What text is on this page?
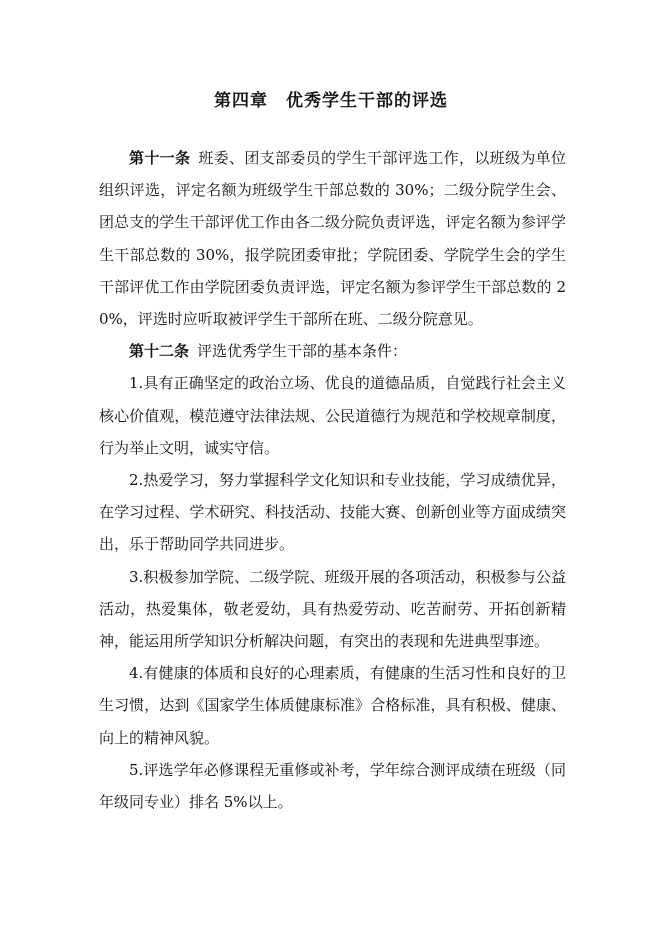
第四章 优秀学生干部的评选

第十一条 班委、团支部委员的学生干部评选工作，以班级为单位组织评选，评定名额为班级学生干部总数的 30%；二级分院学生会、团总支的学生干部评优工作由各二级分院负责评选，评定名额为参评学生干部总数的 30%，报学院团委审批；学院团委、学院学生会的学生干部评优工作由学院团委负责评选，评定名额为参评学生干部总数的 20%，评选时应听取被评学生干部所在班、二级分院意见。

第十二条 评选优秀学生干部的基本条件：

1.具有正确坚定的政治立场、优良的道德品质，自觉践行社会主义核心价值观，模范遵守法律法规、公民道德行为规范和学校规章制度，行为举止文明，诚实守信。

2.热爱学习，努力掌握科学文化知识和专业技能，学习成绩优异，在学习过程、学术研究、科技活动、技能大赛、创新创业等方面成绩突出，乐于帮助同学共同进步。

3.积极参加学院、二级学院、班级开展的各项活动，积极参与公益活动，热爱集体，敬老爱幼，具有热爱劳动、吃苦耐劳、开拓创新精神，能运用所学知识分析解决问题，有突出的表现和先进典型事迹。

4.有健康的体质和良好的心理素质，有健康的生活习性和良好的卫生习惯，达到《国家学生体质健康标准》合格标准，具有积极、健康、向上的精神风貌。

5.评选学年必修课程无重修或补考，学年综合测评成绩在班级（同年级同专业）排名 5%以上。
